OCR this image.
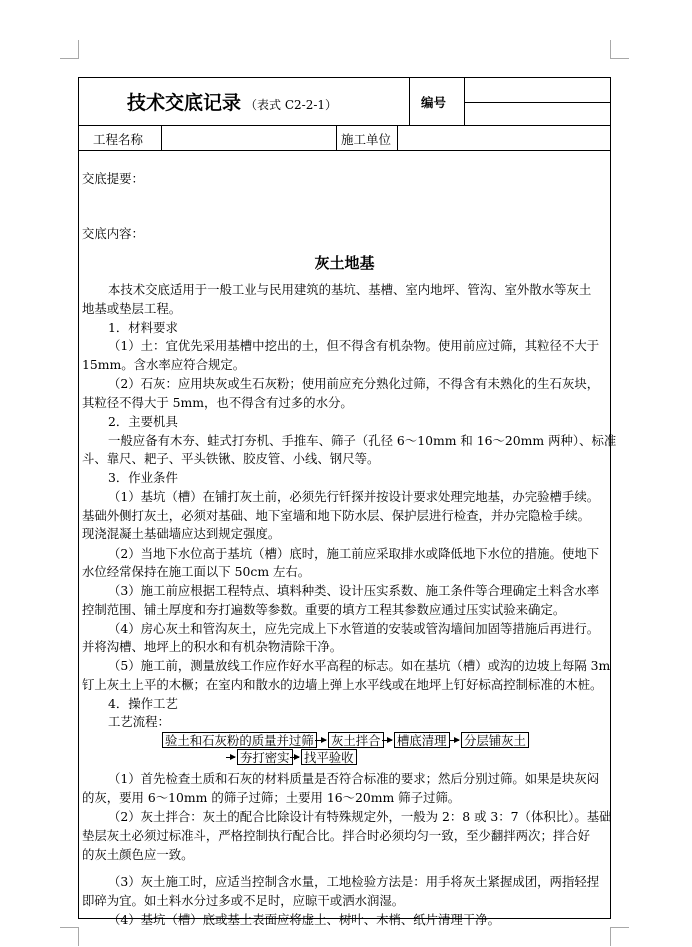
技术交底记录 （表式 C2-2-1）	编号
工程名称	施工单位
交底提要：
交底内容：
灰土地基
本技术交底适用于一般工业与民用建筑的基坑、基槽、室内地坪、管沟、室外散水等灰土
地基或垫层工程。
1．材料要求
（1）土：宜优先采用基槽中挖出的土，但不得含有机杂物。使用前应过筛，其粒径不大于
15mm。含水率应符合规定。
（2）石灰：应用块灰或生石灰粉；使用前应充分熟化过筛，不得含有未熟化的生石灰块，
其粒径不得大于 5mm，也不得含有过多的水分。
2．主要机具
一般应备有木夯、蛙式打夯机、手推车、筛子（孔径 6～10mm 和 16～20mm 两种）、标准
斗、靠尺、耙子、平头铁锹、胶皮管、小线、钢尺等。
3．作业条件
（1）基坑（槽）在铺打灰土前，必须先行钎探并按设计要求处理完地基，办完验槽手续。
基础外侧打灰土，必须对基础、地下室墙和地下防水层、保护层进行检查，并办完隐检手续。
现浇混凝土基础墙应达到规定强度。
（2）当地下水位高于基坑（槽）底时，施工前应采取排水或降低地下水位的措施。使地下
水位经常保持在施工面以下 50cm 左右。
（3）施工前应根据工程特点、填料种类、设计压实系数、施工条件等合理确定土料含水率
控制范围、铺土厚度和夯打遍数等参数。重要的填方工程其参数应通过压实试验来确定。
（4）房心灰土和管沟灰土，应先完成上下水管道的安装或管沟墙间加固等措施后再进行。
并将沟槽、地坪上的积水和有机杂物清除干净。
（5）施工前，测量放线工作应作好水平高程的标志。如在基坑（槽）或沟的边坡上每隔 3m
钉上灰土上平的木橛；在室内和散水的边墙上弹上水平线或在地坪上钉好标高控制标准的木桩。
4．操作工艺
工艺流程：
验土和石灰粉的质量并过筛 灰土拌合 槽底清理 分层铺灰土
夯打密实 找平验收
（1）首先检查土质和石灰的材料质量是否符合标准的要求；然后分别过筛。如果是块灰闷
的灰，要用 6～10mm 的筛子过筛；土要用 16～20mm 筛子过筛。
（2）灰土拌合：灰土的配合比除设计有特殊规定外，一般为 2：8 或 3：7（体积比）。基础
垫层灰土必须过标准斗，严格控制执行配合比。拌合时必须均匀一致，至少翻拌两次；拌合好
的灰土颜色应一致。
（3）灰土施工时，应适当控制含水量，工地检验方法是：用手将灰土紧握成团，两指轻捏
即碎为宜。如土料水分过多或不足时，应晾干或洒水润湿。
（4）基坑（槽）底或基土表面应将虚土、树叶、木梢、纸片清理干净。
